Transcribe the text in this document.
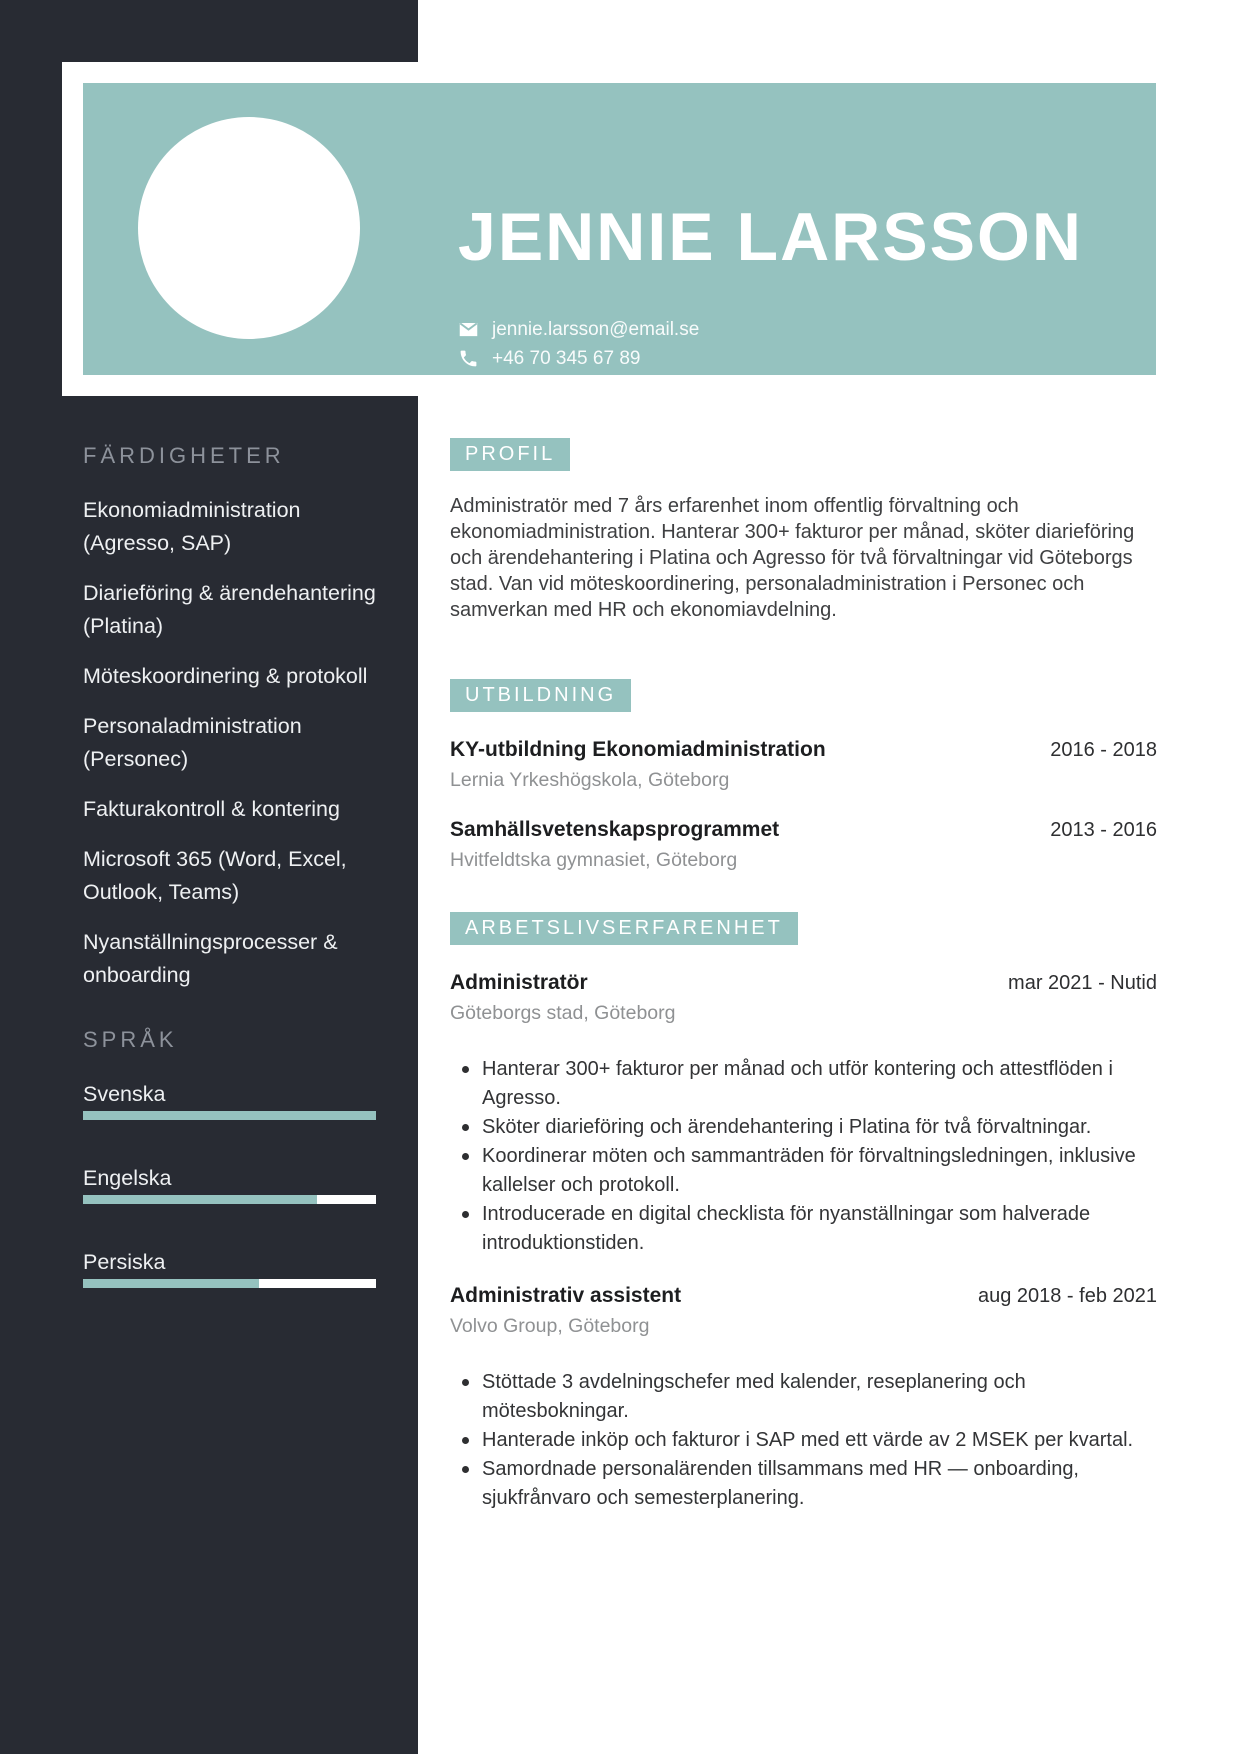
JENNIE LARSSON
jennie.larsson@email.se
+46 70 345 67 89
Göteborg
FÄRDIGHETER

Ekonomiadministration (Agresso, SAP)

Diarieföring & ärendehantering (Platina)

Möteskoordinering & protokoll

Personaladministration (Personec)

Fakturakontroll & kontering

Microsoft 365 (Word, Excel, Outlook, Teams)

Nyanställningsprocesser & onboarding

SPRÅK
Svenska
Engelska
Persiska
PROFIL

Administratör med 7 års erfarenhet inom offentlig förvaltning och ekonomiadministration. Hanterar 300+ fakturor per månad, sköter diarieföring och ärendehantering i Platina och Agresso för två förvaltningar vid Göteborgs stad. Van vid möteskoordinering, personaladministration i Personec och samverkan med HR och ekonomiavdelning.

UTBILDNING
KY-utbildning Ekonomiadministration	2016 - 2018
Lernia Yrkeshögskola, Göteborg
Samhällsvetenskapsprogrammet	2013 - 2016
Hvitfeldtska gymnasiet, Göteborg
ARBETSLIVSERFARENHET
Administratör	mar 2021 - Nutid
Göteborgs stad, Göteborg
Hanterar 300+ fakturor per månad och utför kontering och attestflöden i Agresso.
Sköter diarieföring och ärendehantering i Platina för två förvaltningar.
Koordinerar möten och sammanträden för förvaltningsledningen, inklusive kallelser och protokoll.
Introducerade en digital checklista för nyanställningar som halverade introduktionstiden.
Administrativ assistent	aug 2018 - feb 2021
Volvo Group, Göteborg
Stöttade 3 avdelningschefer med kalender, reseplanering och mötesbokningar.
Hanterade inköp och fakturor i SAP med ett värde av 2 MSEK per kvartal.
Samordnade personalärenden tillsammans med HR — onboarding, sjukfrånvaro och semesterplanering.
